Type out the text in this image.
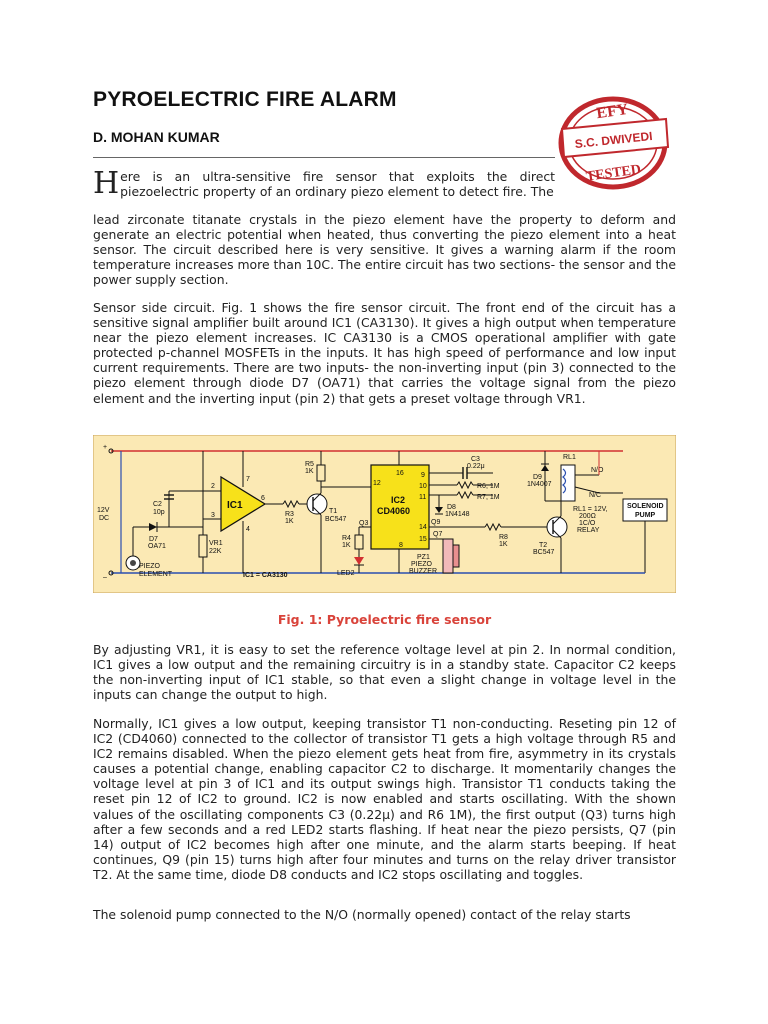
PYROELECTRIC FIRE ALARM
D. MOHAN KUMAR
EFY
S.C. DWIVEDI
TESTED

Here is an ultra-sensitive fire sensor that exploits the direct piezoelectric property of an ordinary piezo element to detect fire. The

lead zirconate titanate crystals in the piezo element have the property to deform and generate an electric potential when heated, thus converting the piezo element into a heat sensor. The circuit described here is very sensitive. It gives a warning alarm if the room temperature increases more than 10C. The entire circuit has two sections- the sensor and the power supply section.

Sensor side circuit. Fig. 1 shows the fire sensor circuit. The front end of the circuit has a sensitive signal amplifier built around IC1 (CA3130). It gives a high output when temperature near the piezo element increases. IC CA3130 is a CMOS operational amplifier with gate protected p-channel MOSFETs in the inputs. It has high speed of performance and low input current requirements. There are two inputs- the non-inverting input (pin 3) connected to the piezo element through diode D7 (OA71) that carries the voltage signal from the piezo element and the inverting input (pin 2) that gets a preset voltage through VR1.

+
–
12V
DC
PIEZO
ELEMENT
D7
OA71
C2
10p
VR1
22K
IC1
2
3
7
4
6
IC1 = CA3130
R3
1K
T1
BC547
R5
1K
IC2
CD4060
16
12
9
10
11
14
15
8
Q3
R4
1K
LED2
C3
0.22μ
R6, 1M
R7, 1M
D8
1N4148
Q9
Q7
PZ1
PIEZO
BUZZER
R8
1K	T2
BC547
D9
1N4007
RL1
N/O
N/C
RL1 = 12V,
200Ω
1C/O
RELAY
SOLENOID
PUMP
Fig. 1: Pyroelectric fire sensor

By adjusting VR1, it is easy to set the reference voltage level at pin 2. In normal condition, IC1 gives a low output and the remaining circuitry is in a standby state. Capacitor C2 keeps the non-inverting input of IC1 stable, so that even a slight change in voltage level in the inputs can change the output to high.

Normally, IC1 gives a low output, keeping transistor T1 non-conducting. Reseting pin 12 of IC2 (CD4060) connected to the collector of transistor T1 gets a high voltage through R5 and IC2 remains disabled. When the piezo element gets heat from fire, asymmetry in its crystals causes a potential change, enabling capacitor C2 to discharge. It momentarily changes the voltage level at pin 3 of IC1 and its output swings high. Transistor T1 conducts taking the reset pin 12 of IC2 to ground. IC2 is now enabled and starts oscillating. With the shown values of the oscillating components C3 (0.22μ) and R6 1M), the first output (Q3) turns high after a few seconds and a red LED2 starts flashing. If heat near the piezo persists, Q7 (pin 14) output of IC2 becomes high after one minute, and the alarm starts beeping. If heat continues, Q9 (pin 15) turns high after four minutes and turns on the relay driver transistor T2. At the same time, diode D8 conducts and IC2 stops oscillating and toggles.

The solenoid pump connected to the N/O (normally opened) contact of the relay starts
